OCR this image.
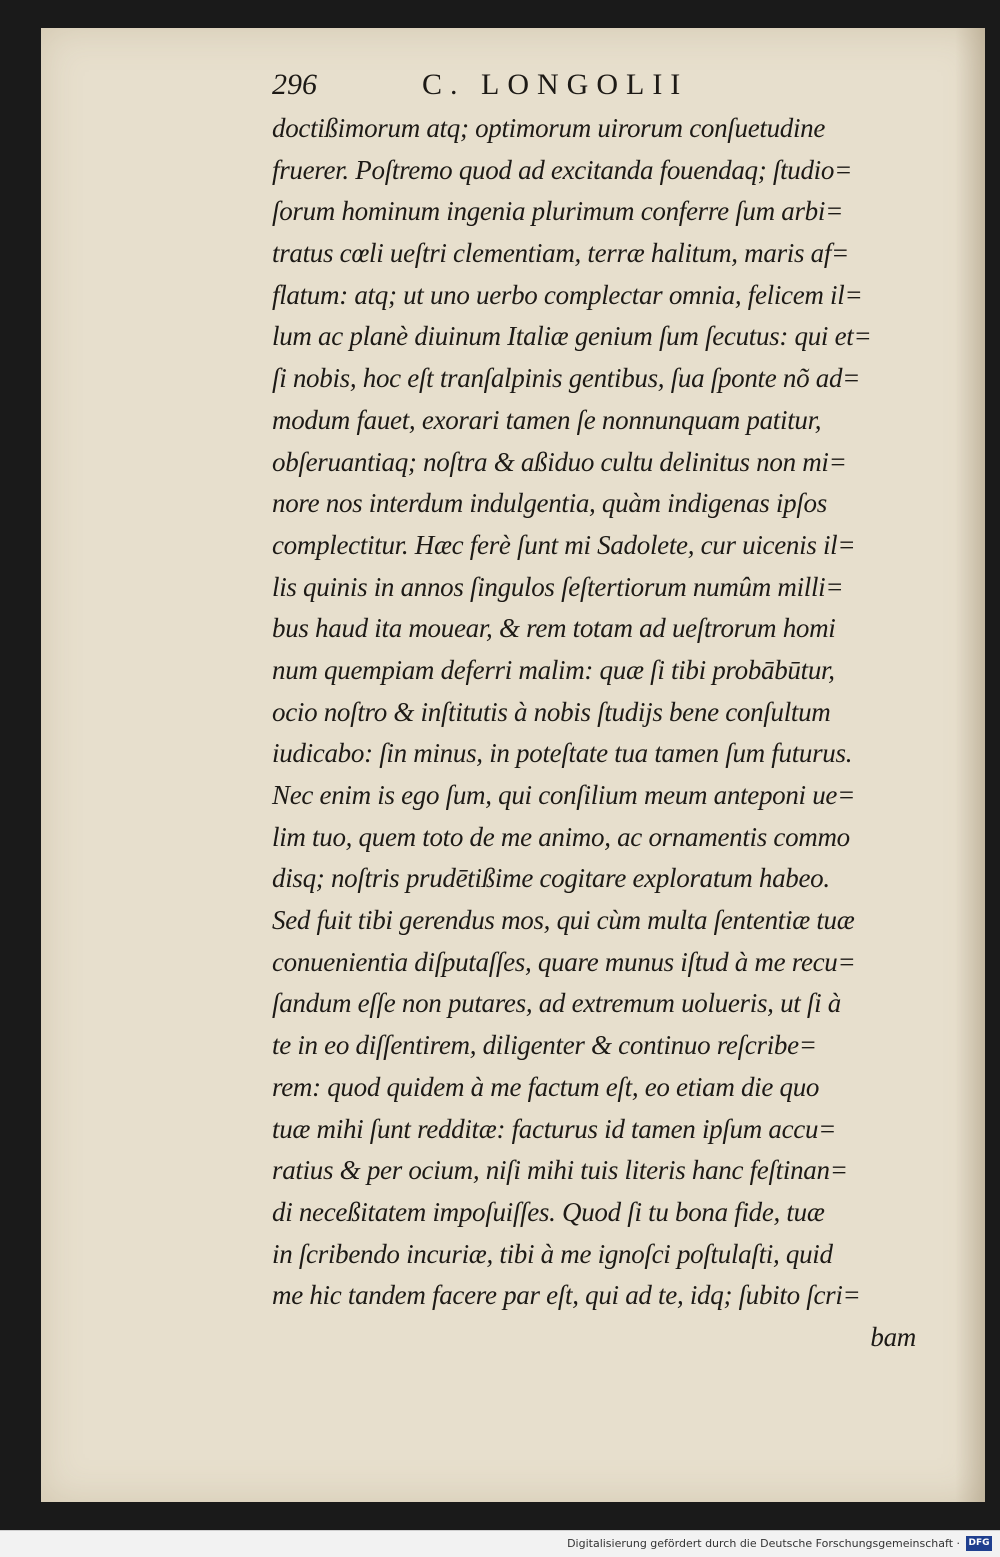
296	C. LONGOLII
doctißimorum atq; optimorum uirorum conſuetudine
fruerer. Poſtremo quod ad excitanda fouendaq; ſtudio=
ſorum hominum ingenia plurimum conferre ſum arbi=
tratus cœli ueſtri clementiam, terræ halitum, maris af=
flatum: atq; ut uno uerbo complectar omnia, felicem il=
lum ac planè diuinum Italiæ genium ſum ſecutus: qui et=
ſi nobis, hoc eſt tranſalpinis gentibus, ſua ſponte nõ ad=
modum fauet, exorari tamen ſe nonnunquam patitur,
obſeruantiaq; noſtra & aßiduo cultu delinitus non mi=
nore nos interdum indulgentia, quàm indigenas ipſos
complectitur. Hæc ferè ſunt mi Sadolete, cur uicenis il=
lis quinis in annos ſingulos ſeſtertiorum numûm milli=
bus haud ita mouear, & rem totam ad ueſtrorum homi
num quempiam deferri malim: quæ ſi tibi probābūtur,
ocio noſtro & inſtitutis à nobis ſtudijs bene conſultum
iudicabo: ſin minus, in poteſtate tua tamen ſum futurus.
Nec enim is ego ſum, qui conſilium meum anteponi ue=
lim tuo, quem toto de me animo, ac ornamentis commo
disq; noſtris prudētißime cogitare exploratum habeo.
Sed fuit tibi gerendus mos, qui cùm multa ſententiæ tuæ
conuenientia diſputaſſes, quare munus iſtud à me recu=
ſandum eſſe non putares, ad extremum uolueris, ut ſi à
te in eo diſſentirem, diligenter & continuo reſcribe=
rem: quod quidem à me factum eſt, eo etiam die quo
tuæ mihi ſunt redditæ: facturus id tamen ipſum accu=
ratius & per ocium, niſi mihi tuis literis hanc feſtinan=
di neceßitatem impoſuiſſes. Quod ſi tu bona fide, tuæ
in ſcribendo incuriæ, tibi à me ignoſci poſtulaſti, quid
me hic tandem facere par eſt, qui ad te, idq; ſubito ſcri=
bam
Digitalisierung gefördert durch die Deutsche Forschungsgemeinschaft · DFG
